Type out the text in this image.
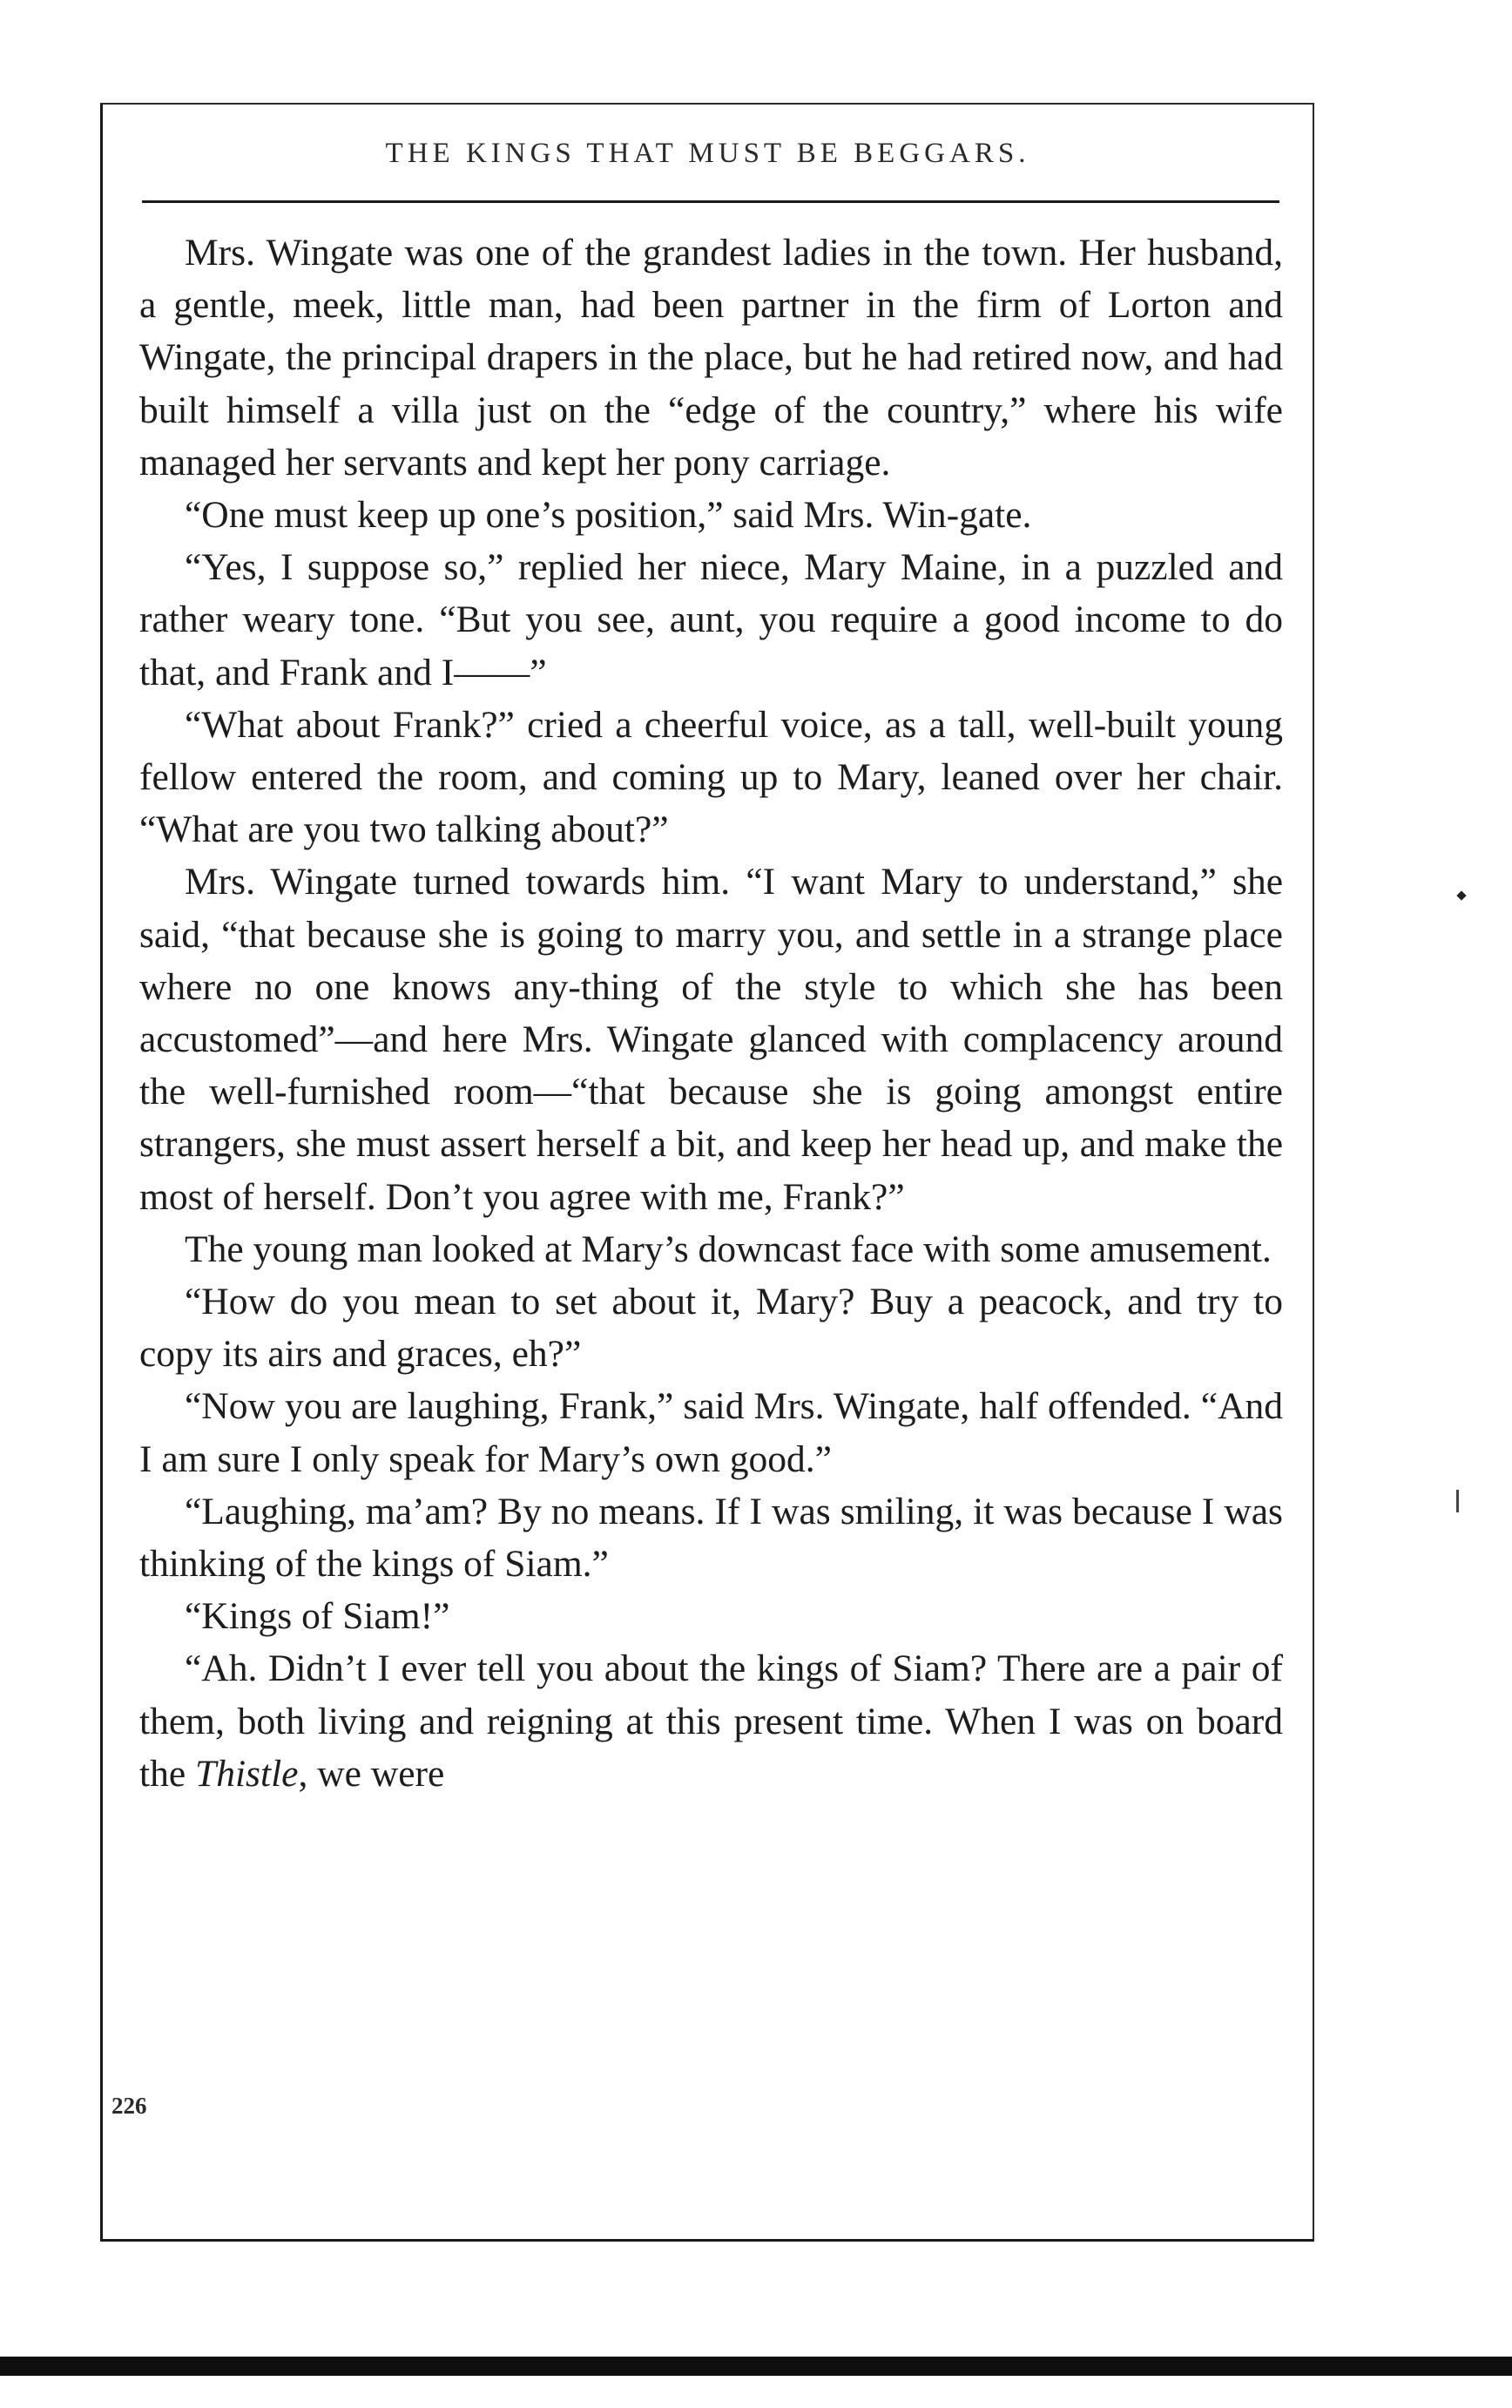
THE KINGS THAT MUST BE BEGGARS.

Mrs. Wingate was one of the grandest ladies in the town. Her husband, a gentle, meek, little man, had been partner in the firm of Lorton and Wingate, the principal drapers in the place, but he had retired now, and had built himself a villa just on the “edge of the country,” where his wife managed her servants and kept her pony carriage.

“One must keep up one’s position,” said Mrs. Win-gate.

“Yes, I suppose so,” replied her niece, Mary Maine, in a puzzled and rather weary tone. “But you see, aunt, you require a good income to do that, and Frank and I——”

“What about Frank?” cried a cheerful voice, as a tall, well-built young fellow entered the room, and coming up to Mary, leaned over her chair. “What are you two talking about?”

Mrs. Wingate turned towards him. “I want Mary to understand,” she said, “that because she is going to marry you, and settle in a strange place where no one knows any-thing of the style to which she has been accustomed”—and here Mrs. Wingate glanced with complacency around the well-furnished room—“that because she is going amongst entire strangers, she must assert herself a bit, and keep her head up, and make the most of herself. Don’t you agree with me, Frank?”

The young man looked at Mary’s downcast face with some amusement.

“How do you mean to set about it, Mary? Buy a peacock, and try to copy its airs and graces, eh?”

“Now you are laughing, Frank,” said Mrs. Wingate, half offended. “And I am sure I only speak for Mary’s own good.”

“Laughing, ma’am? By no means. If I was smiling, it was because I was thinking of the kings of Siam.”

“Kings of Siam!”

“Ah. Didn’t I ever tell you about the kings of Siam? There are a pair of them, both living and reigning at this present time. When I was on board the Thistle, we were

226
